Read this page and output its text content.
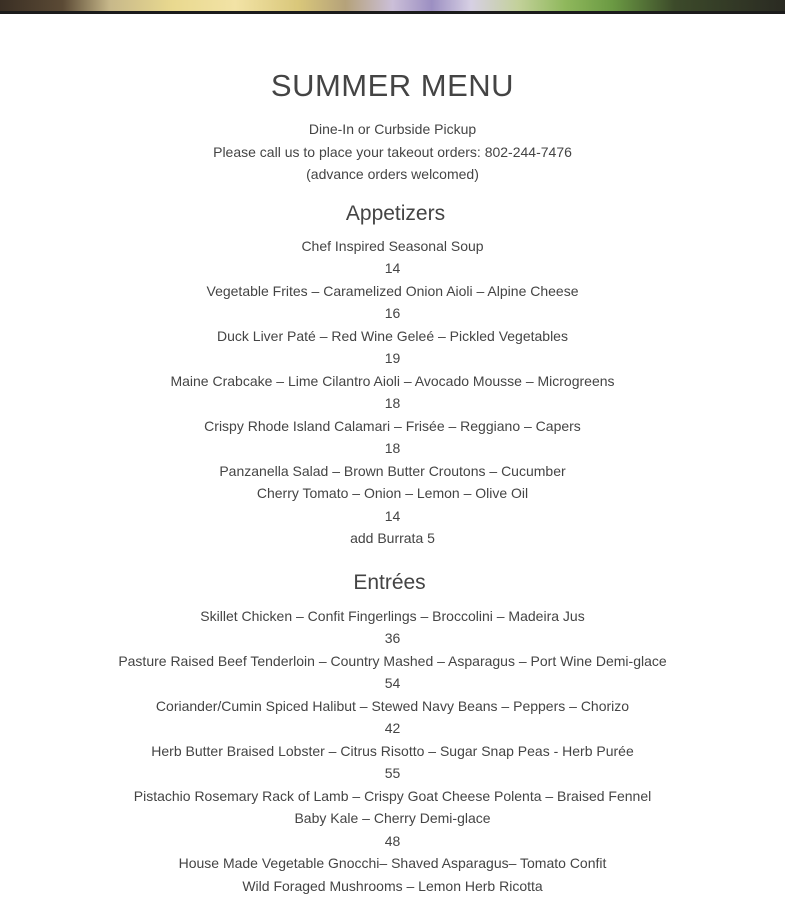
SUMMER MENU
Dine-In or Curbside Pickup
Please call us to place your takeout orders: 802-244-7476
(advance orders welcomed)
Appetizers
Chef Inspired Seasonal Soup
14
Vegetable Frites – Caramelized Onion Aioli – Alpine Cheese
16
Duck Liver Paté – Red Wine Geleé – Pickled Vegetables
19
Maine Crabcake – Lime Cilantro Aioli – Avocado Mousse – Microgreens
18
Crispy Rhode Island Calamari – Frisée – Reggiano – Capers
18
Panzanella Salad – Brown Butter Croutons – Cucumber
Cherry Tomato – Onion – Lemon – Olive Oil
14
add Burrata 5
Entrées
Skillet Chicken – Confit Fingerlings – Broccolini – Madeira Jus
36
Pasture Raised Beef Tenderloin – Country Mashed – Asparagus – Port Wine Demi-glace
54
Coriander/Cumin Spiced Halibut – Stewed Navy Beans – Peppers – Chorizo
42
Herb Butter Braised Lobster – Citrus Risotto – Sugar Snap Peas - Herb Purée
55
Pistachio Rosemary Rack of Lamb – Crispy Goat Cheese Polenta – Braised Fennel
Baby Kale – Cherry Demi-glace
48
House Made Vegetable Gnocchi– Shaved Asparagus– Tomato Confit
Wild Foraged Mushrooms – Lemon Herb Ricotta
